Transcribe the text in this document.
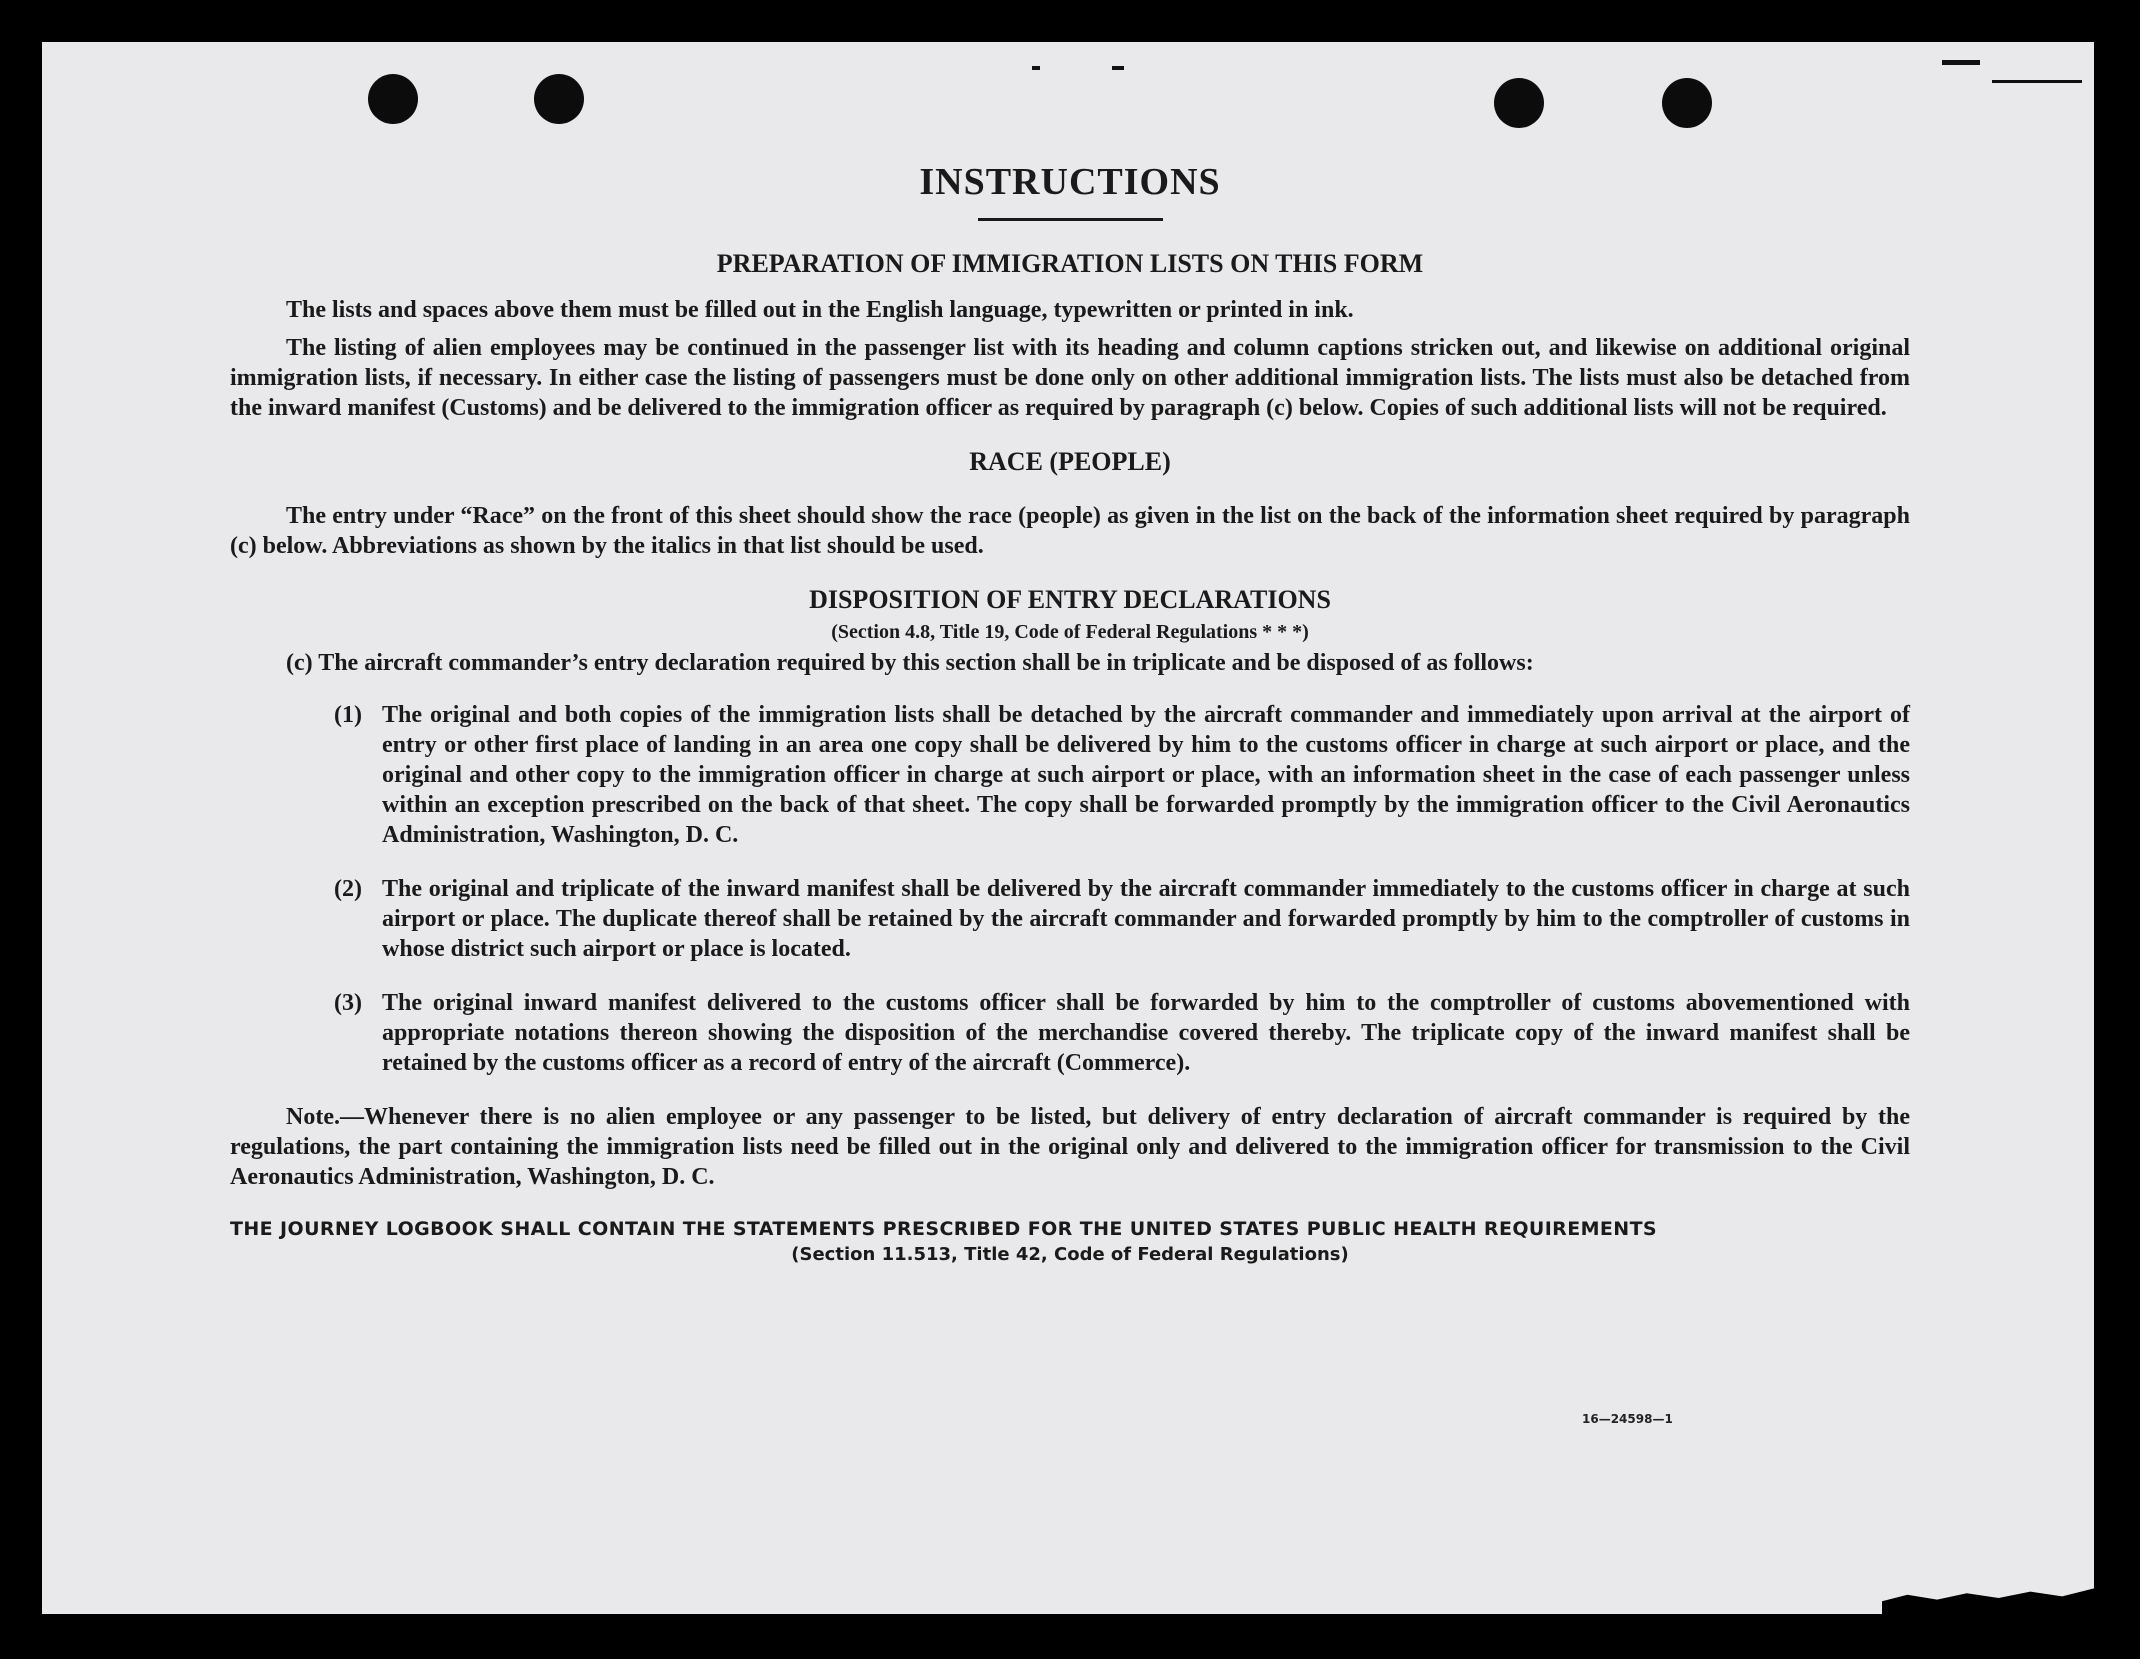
INSTRUCTIONS
PREPARATION OF IMMIGRATION LISTS ON THIS FORM

The lists and spaces above them must be filled out in the English language, typewritten or printed in ink.

The listing of alien employees may be continued in the passenger list with its heading and column captions stricken out, and likewise on additional original immigration lists, if necessary. In either case the listing of passengers must be done only on other additional immigration lists. The lists must also be detached from the inward manifest (Customs) and be delivered to the immigration officer as required by paragraph (c) below. Copies of such additional lists will not be required.

RACE (PEOPLE)

The entry under “Race” on the front of this sheet should show the race (people) as given in the list on the back of the information sheet required by paragraph (c) below. Abbreviations as shown by the italics in that list should be used.

DISPOSITION OF ENTRY DECLARATIONS
(Section 4.8, Title 19, Code of Federal Regulations * * *)

(c) The aircraft commander’s entry declaration required by this section shall be in triplicate and be disposed of as follows:

(1) The original and both copies of the immigration lists shall be detached by the aircraft commander and immediately upon arrival at the airport of entry or other first place of landing in an area one copy shall be delivered by him to the customs officer in charge at such airport or place, and the original and other copy to the immigration officer in charge at such airport or place, with an information sheet in the case of each passenger unless within an exception prescribed on the back of that sheet. The copy shall be forwarded promptly by the immigration officer to the Civil Aeronautics Administration, Washington, D. C.
(2) The original and triplicate of the inward manifest shall be delivered by the aircraft commander immediately to the customs officer in charge at such airport or place. The duplicate thereof shall be retained by the aircraft commander and forwarded promptly by him to the comptroller of customs in whose district such airport or place is located.
(3) The original inward manifest delivered to the customs officer shall be forwarded by him to the comptroller of customs abovementioned with appropriate notations thereon showing the disposition of the merchandise covered thereby. The triplicate copy of the inward manifest shall be retained by the customs officer as a record of entry of the aircraft (Commerce).

Note.—Whenever there is no alien employee or any passenger to be listed, but delivery of entry declaration of aircraft commander is required by the regulations, the part containing the immigration lists need be filled out in the original only and delivered to the immigration officer for transmission to the Civil Aeronautics Administration, Washington, D. C.

THE JOURNEY LOGBOOK SHALL CONTAIN THE STATEMENTS PRESCRIBED FOR THE UNITED STATES PUBLIC HEALTH REQUIREMENTS
(Section 11.513, Title 42, Code of Federal Regulations)
16—24598—1
